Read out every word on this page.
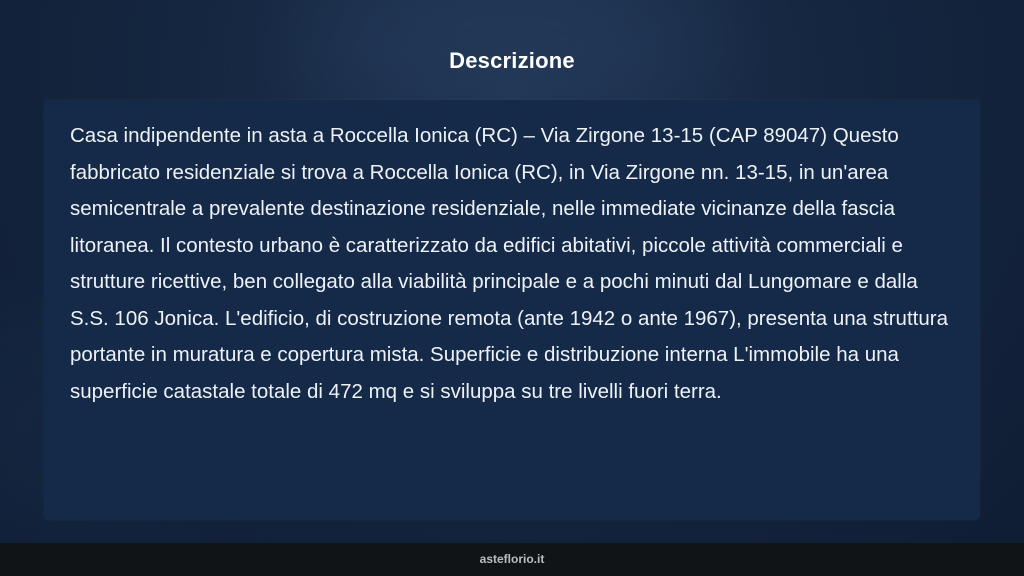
Descrizione

Casa indipendente in asta a Roccella Ionica (RC) – Via Zirgone 13-15 (CAP 89047) Questo fabbricato residenziale si trova a Roccella Ionica (RC), in Via Zirgone nn. 13-15, in un'area semicentrale a prevalente destinazione residenziale, nelle immediate vicinanze della fascia litoranea. Il contesto urbano è caratterizzato da edifici abitativi, piccole attività commerciali e strutture ricettive, ben collegato alla viabilità principale e a pochi minuti dal Lungomare e dalla S.S. 106 Jonica. L'edificio, di costruzione remota (ante 1942 o ante 1967), presenta una struttura portante in muratura e copertura mista. Superficie e distribuzione interna L'immobile ha una superficie catastale totale di 472 mq e si sviluppa su tre livelli fuori terra.

asteflorio.it
